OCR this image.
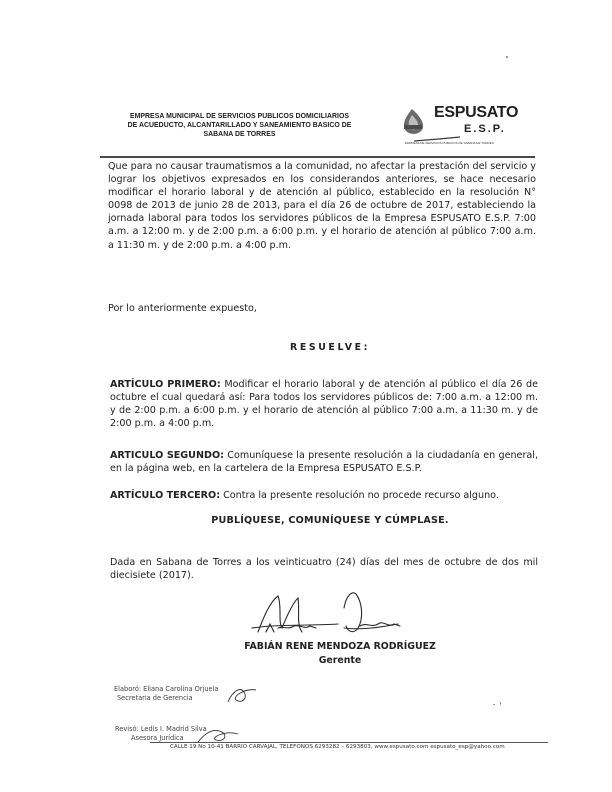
EMPRESA MUNICIPAL DE SERVICIOS PUBLICOS DOMICILIARIOS
DE ACUEDUCTO, ALCANTARILLADO Y SANEAMIENTO BASICO DE
SABANA DE TORRES
ESPUSATO
E.S.P.
EMPRESA DE SERVICIOS PUBLICOS DE SABANA DE TORRES
Que para no causar traumatismos a la comunidad, no afectar la prestación del servicio y lograr los objetivos expresados en los considerandos anteriores, se hace necesario modificar el horario laboral y de atención al público, establecido en la resolución N° 0098 de 2013 de junio 28 de 2013, para el día 26 de octubre de 2017, estableciendo la jornada laboral para todos los servidores públicos de la Empresa ESPUSATO E.S.P. 7:00 a.m. a 12:00 m. y de 2:00 p.m. a 6:00 p.m. y el horario de atención al público 7:00 a.m. a 11:30 m. y de 2:00 p.m. a 4:00 p.m.
Por lo anteriormente expuesto,
RESUELVE:
ARTÍCULO PRIMERO: Modificar el horario laboral y de atención al público el día 26 de octubre el cual quedará así: Para todos los servidores públicos de: 7:00 a.m. a 12:00 m. y de 2:00 p.m. a 6:00 p.m. y el horario de atención al público 7:00 a.m. a 11:30 m. y de 2:00 p.m. a 4:00 p.m.
ARTICULO SEGUNDO: Comuníquese la presente resolución a la ciudadanía en general, en la página web, en la cartelera de la Empresa ESPUSATO E.S.P.
ARTÍCULO TERCERO: Contra la presente resolución no procede recurso alguno.
PUBLÍQUESE, COMUNÍQUESE Y CÚMPLASE.
Dada en Sabana de Torres a los veinticuatro (24) días del mes de octubre de dos mil diecisiete (2017).
FABIÁN RENE MENDOZA RODRÍGUEZ
Gerente
Elaboró: Eliana Carolina Orjuela
Secretaria de Gerencia
Revisó: Ledis I. Madrid Silva
Asesora Jurídica
CALLE 19 No 10-41 BARRIO CARVAJAL, TELEFONOS 6293282 – 6293803, www.espusato.com espusato_esp@yahoo.com
